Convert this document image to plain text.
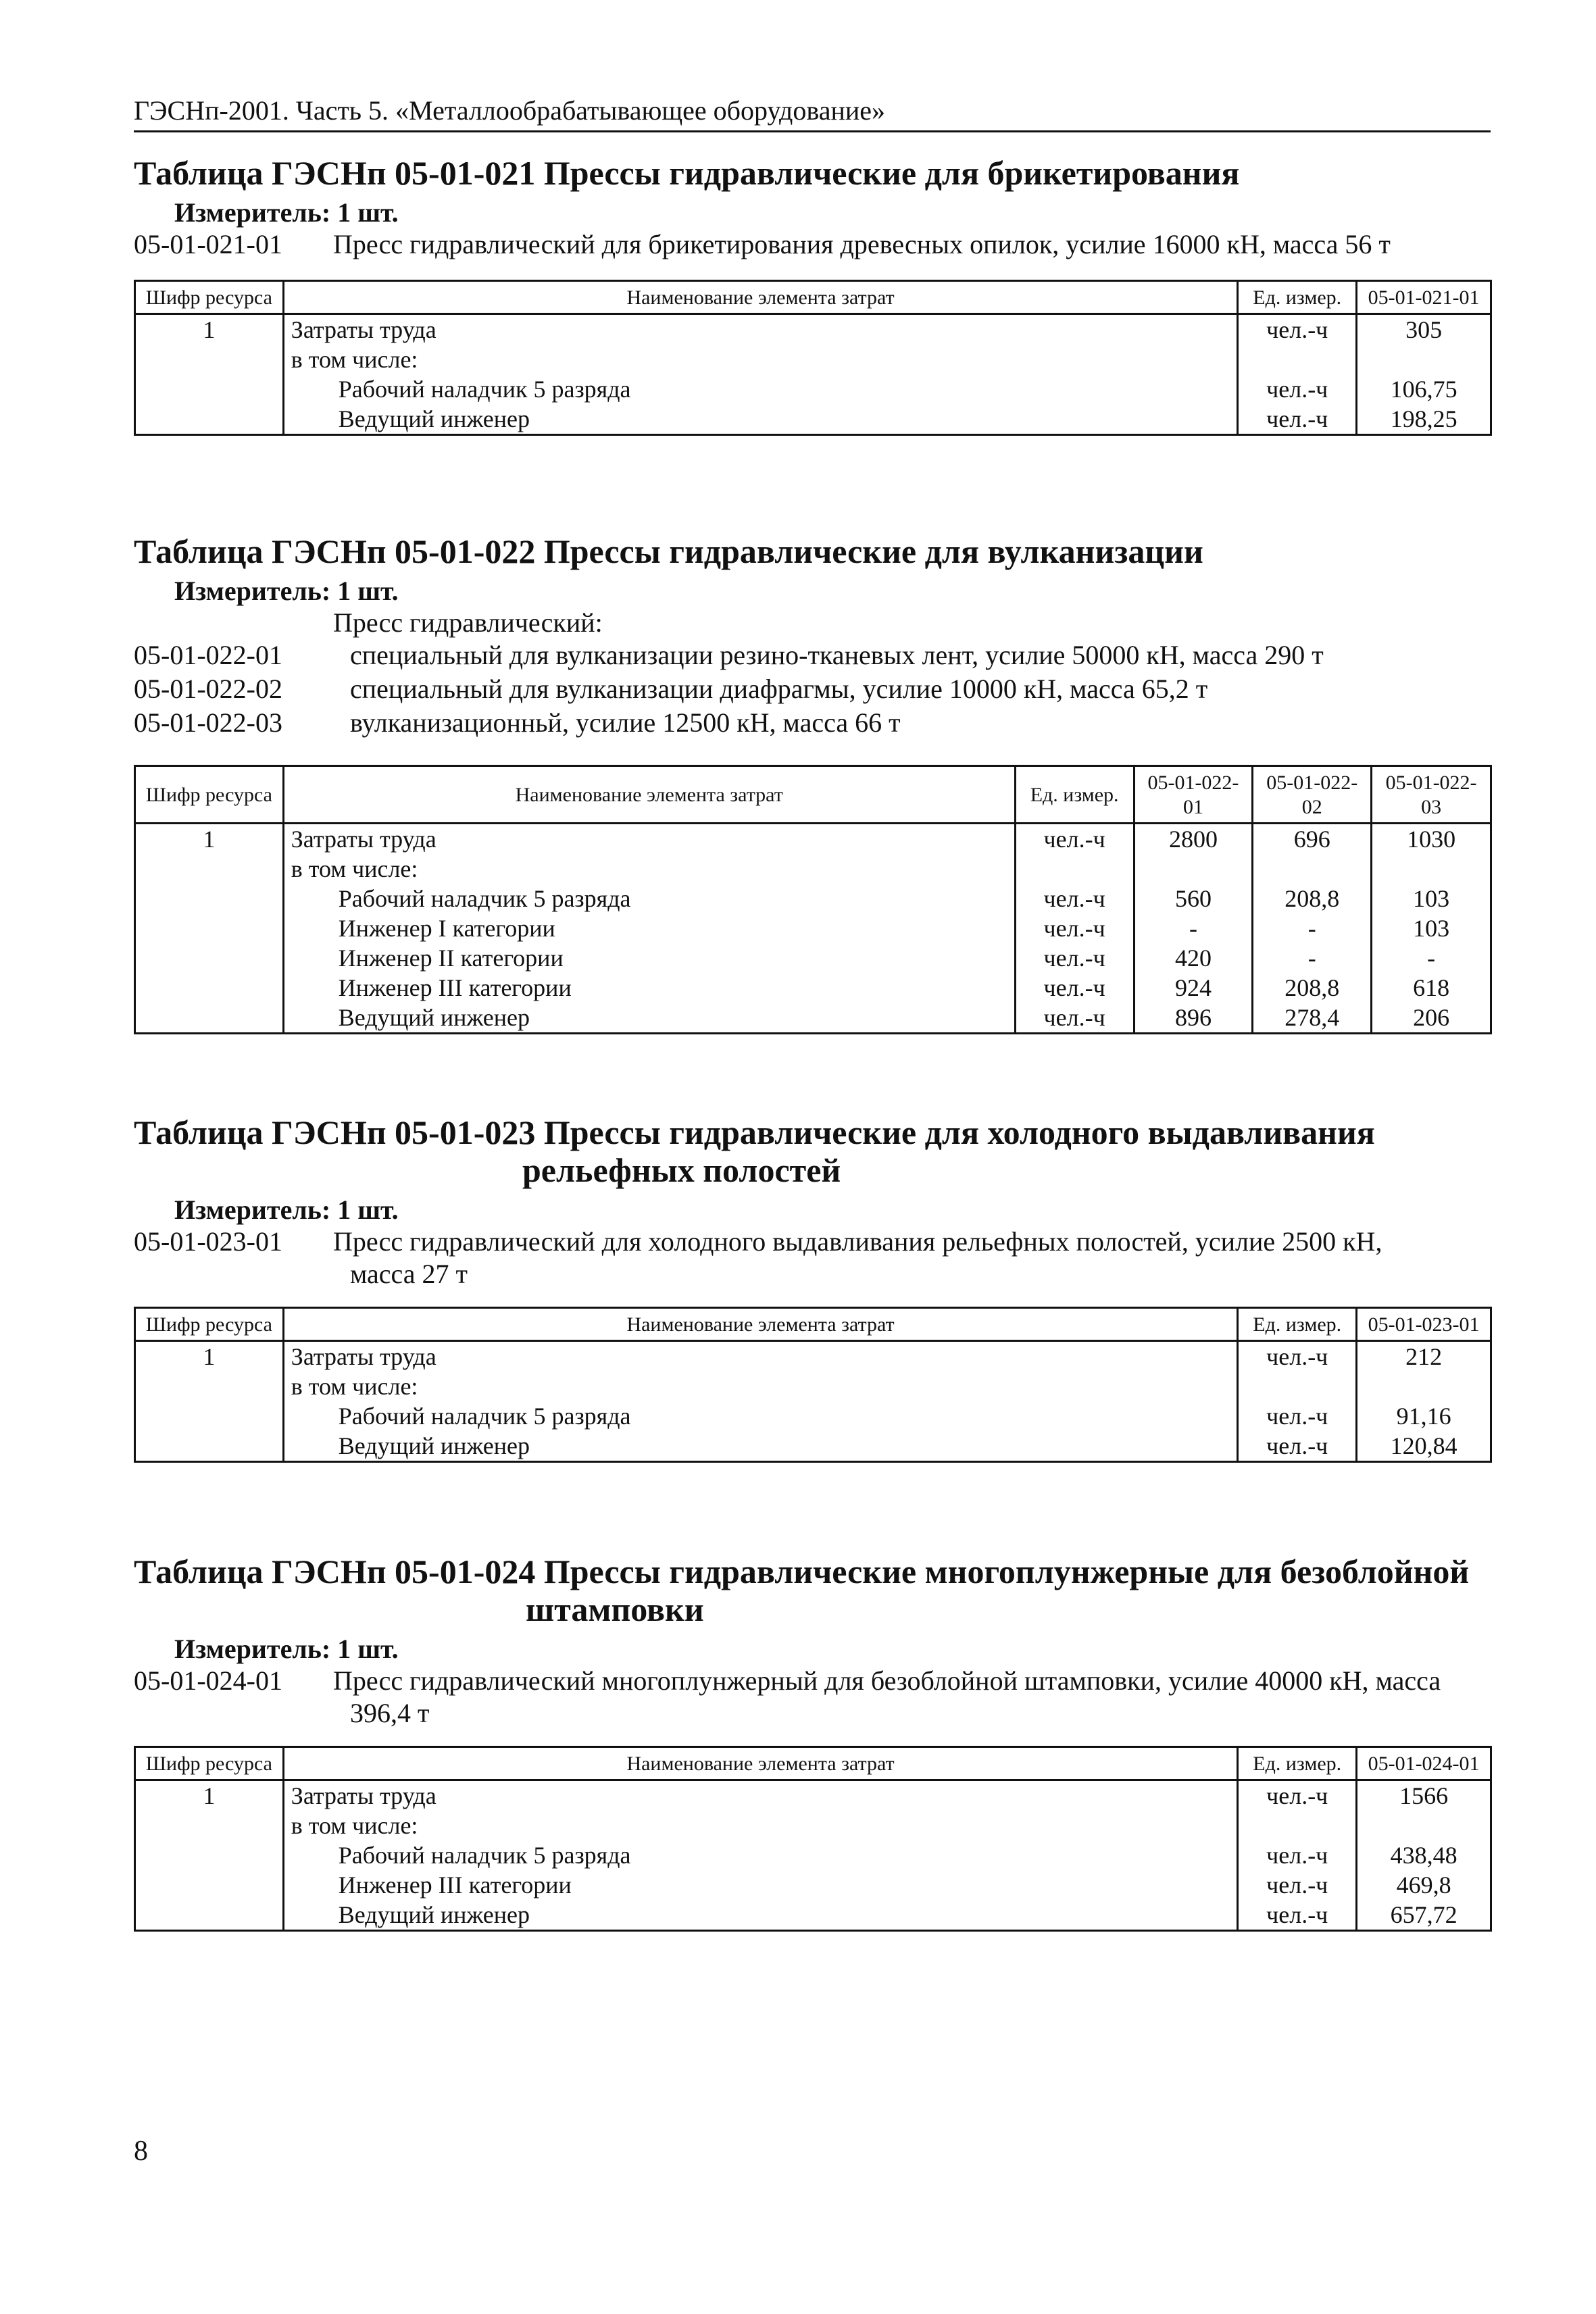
ГЭСНп-2001. Часть 5. «Металлообрабатывающее оборудование»
Таблица ГЭСНп 05-01-021 Прессы гидравлические для брикетирования
Измеритель: 1 шт.
05-01-021-01 Пресс гидравлический для брикетирования древесных опилок, усилие 16000 кН, масса 56 т
Шифр ресурса	Наименование элемента затрат	Ед. измер.	05-01-021-01
1	Затраты труда	чел.-ч	305
	в том числе:		
	Рабочий наладчик 5 разряда	чел.-ч	106,75
	Ведущий инженер	чел.-ч	198,25
Таблица ГЭСНп 05-01-022 Прессы гидравлические для вулканизации
Измеритель: 1 шт.
Пресс гидравлический:
05-01-022-01	специальный для вулканизации резино-тканевых лент, усилие 50000 кН, масса 290 т
05-01-022-02	специальный для вулканизации диафрагмы, усилие 10000 кН, масса 65,2 т
05-01-022-03	вулканизационньй, усилие 12500 кН, масса 66 т
Шифр ресурса	Наименование элемента затрат	Ед. измер.	05-01-022-01	05-01-022-02	05-01-022-03
1	Затраты труда	чел.-ч	2800	696	1030
	в том числе:				
	Рабочий наладчик 5 разряда	чел.-ч	560	208,8	103
	Инженер I категории	чел.-ч	-	-	103
	Инженер II категории	чел.-ч	420	-	-
	Инженер III категории	чел.-ч	924	208,8	618
	Ведущий инженер	чел.-ч	896	278,4	206
Таблица ГЭСНп 05-01-023 Прессы гидравлические для холодного выдавливания
рельефных полостей
Измеритель: 1 шт.
05-01-023-01 Пресс гидравлический для холодного выдавливания рельефных полостей, усилие 2500 кН,
масса 27 т
Шифр ресурса	Наименование элемента затрат	Ед. измер.	05-01-023-01
1	Затраты труда	чел.-ч	212
	в том числе:		
	Рабочий наладчик 5 разряда	чел.-ч	91,16
	Ведущий инженер	чел.-ч	120,84
Таблица ГЭСНп 05-01-024 Прессы гидравлические многоплунжерные для безоблойной
штамповки
Измеритель: 1 шт.
05-01-024-01 Пресс гидравлический многоплунжерный для безоблойной штамповки, усилие 40000 кН, масса
396,4 т
Шифр ресурса	Наименование элемента затрат	Ед. измер.	05-01-024-01
1	Затраты труда	чел.-ч	1566
	в том числе:		
	Рабочий наладчик 5 разряда	чел.-ч	438,48
	Инженер III категории	чел.-ч	469,8
	Ведущий инженер	чел.-ч	657,72
8
